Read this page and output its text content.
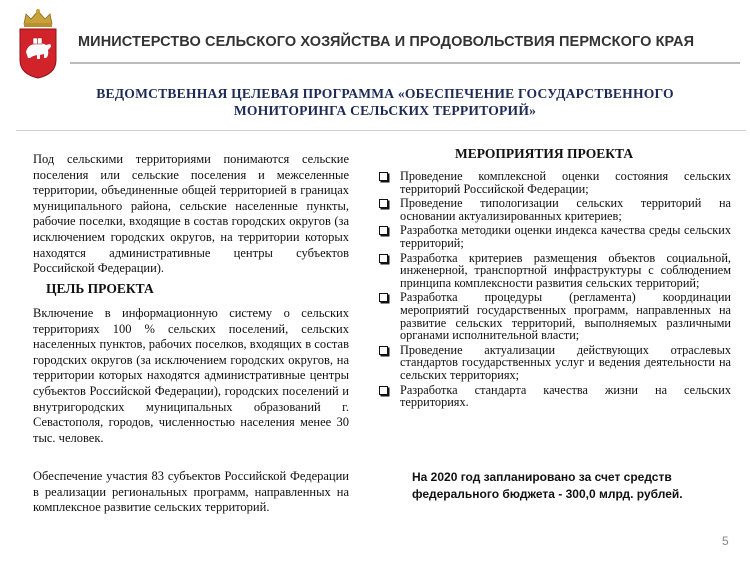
МИНИСТЕРСТВО СЕЛЬСКОГО ХОЗЯЙСТВА И ПРОДОВОЛЬСТВИЯ ПЕРМСКОГО КРАЯ
ВЕДОМСТВЕННАЯ ЦЕЛЕВАЯ ПРОГРАММА «ОБЕСПЕЧЕНИЕ ГОСУДАРСТВЕННОГО
МОНИТОРИНГА СЕЛЬСКИХ ТЕРРИТОРИЙ»

Под сельскими территориями понимаются сельские поселения или сельские поселения и межселенные территории, объединенные общей территорией в границах муниципального района, сельские населенные пункты, рабочие поселки, входящие в состав городских округов (за исключением городских округов, на территории которых находятся административные центры субъектов Российской Федерации).

ЦЕЛЬ ПРОЕКТА

Включение в информационную систему о сельских территориях 100 % сельских поселений, сельских населенных пунктов, рабочих поселков, входящих в состав городских округов (за исключением городских округов, на территории которых находятся административные центры субъектов Российской Федерации), городских поселений и внутригородских муниципальных образований г. Севастополя, городов, численностью населения менее 30 тыс. человек.

Обеспечение участия 83 субъектов Российской Федерации в реализации региональных программ, направленных на комплексное развитие сельских территорий.

МЕРОПРИЯТИЯ ПРОЕКТА
Проведение комплексной оценки состояния сельских территорий Российской Федерации;
Проведение типологизации сельских территорий на основании актуализированных критериев;
Разработка методики оценки индекса качества среды сельских территорий;
Разработка критериев размещения объектов социальной, инженерной, транспортной инфраструктуры с соблюдением принципа комплексности развития сельских территорий;
Разработка процедуры (регламента) координации мероприятий государственных программ, направленных на развитие сельских территорий, выполняемых различными органами исполнительной власти;
Проведение актуализации действующих отраслевых стандартов государственных услуг и ведения деятельности на сельских территориях;
Разработка стандарта качества жизни на сельских территориях.
На 2020 год запланировано за счет средств
федерального бюджета - 300,0 млрд. рублей.
5
